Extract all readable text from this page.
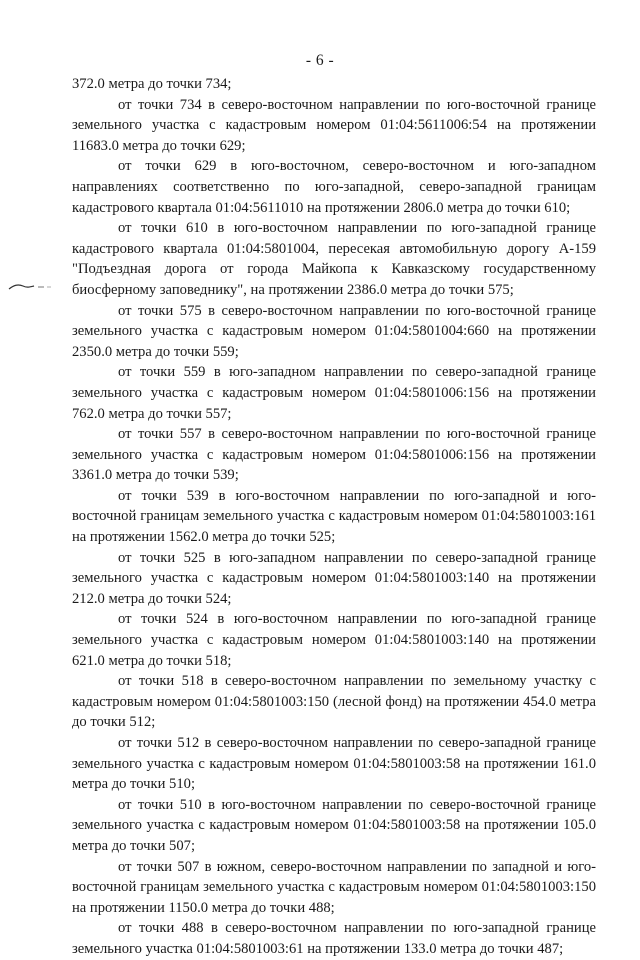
- 6 -

372.0 метра до точки 734;

от точки 734 в северо-восточном направлении по юго-восточной границе земельного участка с кадастровым номером 01:04:5611006:54 на протяжении 11683.0 метра до точки 629;

от точки 629 в юго-восточном, северо-восточном и юго-западном направлениях соответственно по юго-западной, северо-западной границам кадастрового квартала 01:04:5611010 на протяжении 2806.0 метра до точки 610;

от точки 610 в юго-восточном направлении по юго-западной границе кадастрового квартала 01:04:5801004, пересекая автомобильную дорогу А-159 "Подъездная дорога от города Майкопа к Кавказскому государственному биосферному заповеднику", на протяжении 2386.0 метра до точки 575;

от точки 575 в северо-восточном направлении по юго-восточной границе земельного участка с кадастровым номером 01:04:5801004:660 на протяжении 2350.0 метра до точки 559;

от точки 559 в юго-западном направлении по северо-западной границе земельного участка с кадастровым номером 01:04:5801006:156 на протяжении 762.0 метра до точки 557;

от точки 557 в северо-восточном направлении по юго-восточной границе земельного участка с кадастровым номером 01:04:5801006:156 на протяжении 3361.0 метра до точки 539;

от точки 539 в юго-восточном направлении по юго-западной и юго-восточной границам земельного участка с кадастровым номером 01:04:5801003:161 на протяжении 1562.0 метра до точки 525;

от точки 525 в юго-западном направлении по северо-западной границе земельного участка с кадастровым номером 01:04:5801003:140 на протяжении 212.0 метра до точки 524;

от точки 524 в юго-восточном направлении по юго-западной границе земельного участка с кадастровым номером 01:04:5801003:140 на протяжении 621.0 метра до точки 518;

от точки 518 в северо-восточном направлении по земельному участку с кадастровым номером 01:04:5801003:150 (лесной фонд) на протяжении 454.0 метра до точки 512;

от точки 512 в северо-восточном направлении по северо-западной границе земельного участка с кадастровым номером 01:04:5801003:58 на протяжении 161.0 метра до точки 510;

от точки 510 в юго-восточном направлении по северо-восточной границе земельного участка с кадастровым номером 01:04:5801003:58 на протяжении 105.0 метра до точки 507;

от точки 507 в южном, северо-восточном направлении по западной и юго-восточной границам земельного участка с кадастровым номером 01:04:5801003:150 на протяжении 1150.0 метра до точки 488;

от точки 488 в северо-восточном направлении по юго-западной границе земельного участка 01:04:5801003:61 на протяжении 133.0 метра до точки 487;
